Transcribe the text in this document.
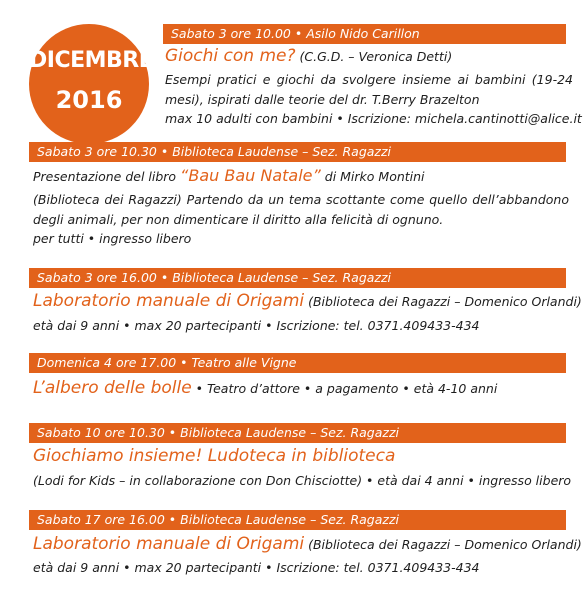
DICEMBRE
2016
Sabato 3 ore 10.00 • Asilo Nido Carillon
Giochi con me? (C.G.D. – Veronica Detti)
Esempi pratici e giochi da svolgere insieme ai bambini (19-24
mesi), ispirati dalle teorie del dr. T.Berry Brazelton
max 10 adulti con bambini • Iscrizione: michela.cantinotti@alice.it
Sabato 3 ore 10.30 • Biblioteca Laudense – Sez. Ragazzi
Presentazione del libro “Bau Bau Natale” di Mirko Montini
(Biblioteca dei Ragazzi) Partendo da un tema scottante come quello dell’abbandono
degli animali, per non dimenticare il diritto alla felicità di ognuno.
per tutti • ingresso libero
Sabato 3 ore 16.00 • Biblioteca Laudense – Sez. Ragazzi
Laboratorio manuale di Origami (Biblioteca dei Ragazzi – Domenico Orlandi)
età dai 9 anni • max 20 partecipanti • Iscrizione: tel. 0371.409433-434
Domenica 4 ore 17.00 • Teatro alle Vigne
L’albero delle bolle • Teatro d’attore • a pagamento • età 4-10 anni
Sabato 10 ore 10.30 • Biblioteca Laudense – Sez. Ragazzi
Giochiamo insieme! Ludoteca in biblioteca
(Lodi for Kids – in collaborazione con Don Chisciotte) • età dai 4 anni • ingresso libero
Sabato 17 ore 16.00 • Biblioteca Laudense – Sez. Ragazzi
Laboratorio manuale di Origami (Biblioteca dei Ragazzi – Domenico Orlandi)
età dai 9 anni • max 20 partecipanti • Iscrizione: tel. 0371.409433-434
